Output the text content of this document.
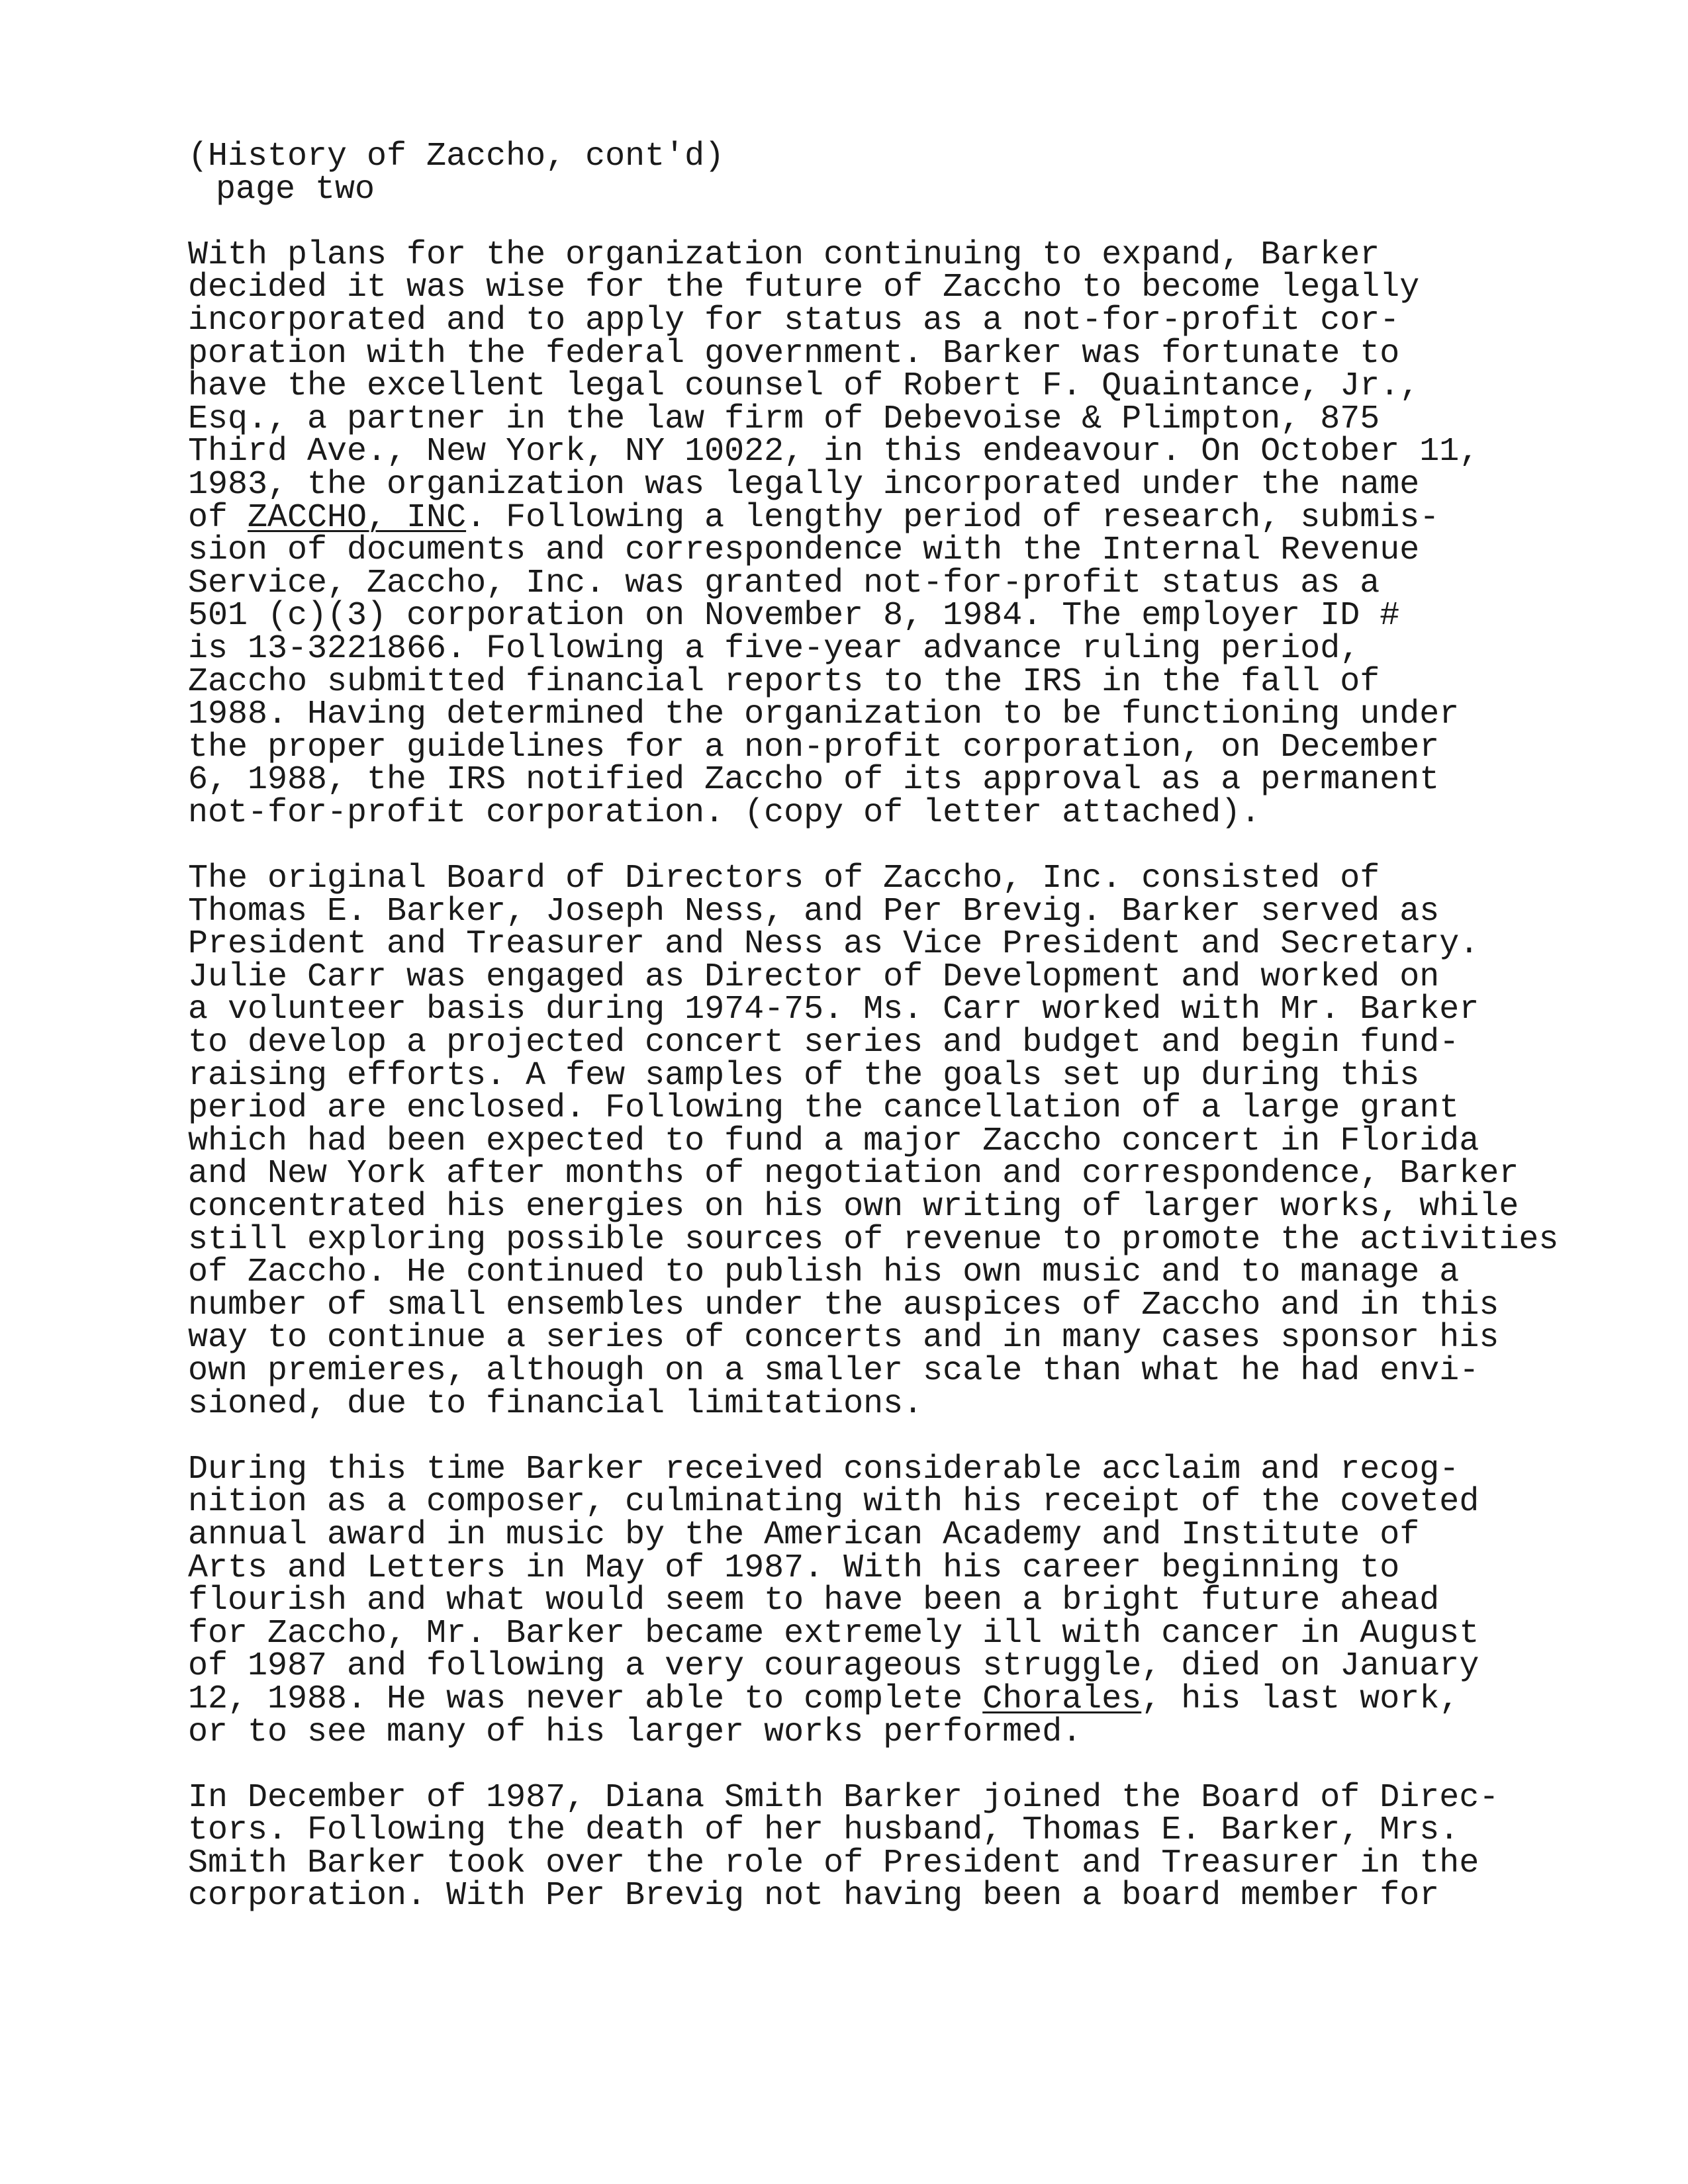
(History of Zaccho, cont'd)
page two
With plans for the organization continuing to expand, Barker
decided it was wise for the future of Zaccho to become legally
incorporated and to apply for status as a not-for-profit cor-
poration with the federal government. Barker was fortunate to
have the excellent legal counsel of Robert F. Quaintance, Jr.,
Esq., a partner in the law firm of Debevoise & Plimpton, 875
Third Ave., New York, NY 10022, in this endeavour. On October 11,
1983, the organization was legally incorporated under the name
of ZACCHO, INC. Following a lengthy period of research, submis-
sion of documents and correspondence with the Internal Revenue
Service, Zaccho, Inc. was granted not-for-profit status as a
501 (c)(3) corporation on November 8, 1984. The employer ID #
is 13-3221866. Following a five-year advance ruling period,
Zaccho submitted financial reports to the IRS in the fall of
1988. Having determined the organization to be functioning under
the proper guidelines for a non-profit corporation, on December
6, 1988, the IRS notified Zaccho of its approval as a permanent
not-for-profit corporation. (copy of letter attached).
The original Board of Directors of Zaccho, Inc. consisted of
Thomas E. Barker, Joseph Ness, and Per Brevig. Barker served as
President and Treasurer and Ness as Vice President and Secretary.
Julie Carr was engaged as Director of Development and worked on
a volunteer basis during 1974-75. Ms. Carr worked with Mr. Barker
to develop a projected concert series and budget and begin fund-
raising efforts. A few samples of the goals set up during this
period are enclosed. Following the cancellation of a large grant
which had been expected to fund a major Zaccho concert in Florida
and New York after months of negotiation and correspondence, Barker
concentrated his energies on his own writing of larger works, while
still exploring possible sources of revenue to promote the activities
of Zaccho. He continued to publish his own music and to manage a
number of small ensembles under the auspices of Zaccho and in this
way to continue a series of concerts and in many cases sponsor his
own premieres, although on a smaller scale than what he had envi-
sioned, due to financial limitations.
During this time Barker received considerable acclaim and recog-
nition as a composer, culminating with his receipt of the coveted
annual award in music by the American Academy and Institute of
Arts and Letters in May of 1987. With his career beginning to
flourish and what would seem to have been a bright future ahead
for Zaccho, Mr. Barker became extremely ill with cancer in August
of 1987 and following a very courageous struggle, died on January
12, 1988. He was never able to complete Chorales, his last work,
or to see many of his larger works performed.
In December of 1987, Diana Smith Barker joined the Board of Direc-
tors. Following the death of her husband, Thomas E. Barker, Mrs.
Smith Barker took over the role of President and Treasurer in the
corporation. With Per Brevig not having been a board member for
